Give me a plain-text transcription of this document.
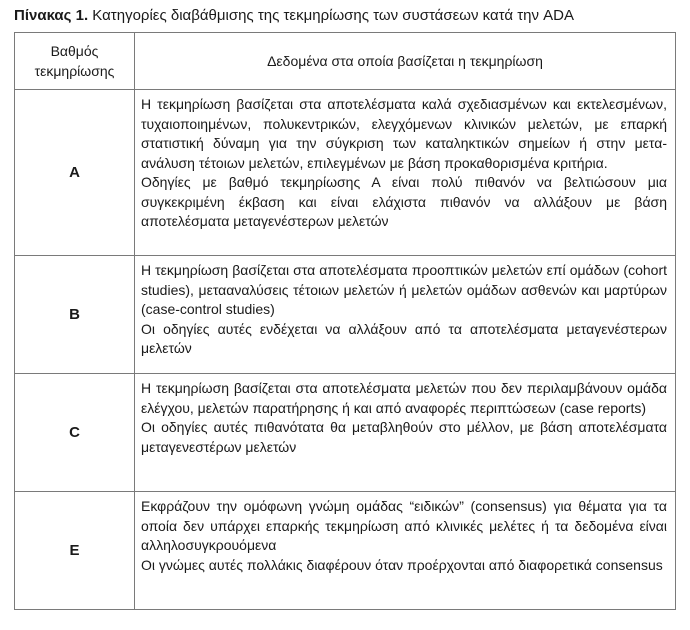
Πίνακας 1. Κατηγορίες διαβάθμισης της τεκμηρίωσης των συστάσεων κατά την ADA
Βαθμός τεκμηρίωσης	Δεδομένα στα οποία βασίζεται η τεκμηρίωση
A	Η τεκμηρίωση βασίζεται στα αποτελέσματα καλά σχεδιασμένων και εκτελεσμένων, τυχαιοποιημένων, πολυκεντρικών, ελεγχόμενων κλινικών μελετών, με επαρκή στατιστική δύναμη για την σύγκριση των καταληκτικών σημείων ή στην μετα-ανάλυση τέτοιων μελετών, επιλεγμένων με βάση προκαθορισμένα κριτήρια.

Οδηγίες με βαθμό τεκμηρίωσης Α είναι πολύ πιθανόν να βελτιώσουν μια συγκεκριμένη έκβαση και είναι ελάχιστα πιθανόν να αλλάξουν με βάση αποτελέσματα μεταγενέστερων μελετών

B	Η τεκμηρίωση βασίζεται στα αποτελέσματα προοπτικών μελετών επί ομάδων (cohort studies), μετααναλύσεις τέτοιων μελετών ή μελετών ομάδων ασθενών και μαρτύρων (case-control studies)

Οι οδηγίες αυτές ενδέχεται να αλλάξουν από τα αποτελέσματα μεταγενέστερων μελετών

C	Η τεκμηρίωση βασίζεται στα αποτελέσματα μελετών που δεν περιλαμβάνουν ομάδα ελέγχου, μελετών παρατήρησης ή και από αναφορές περιπτώσεων (case reports)

Οι οδηγίες αυτές πιθανότατα θα μεταβληθούν στο μέλλον, με βάση αποτελέσματα μεταγενεστέρων μελετών

E	Εκφράζουν την ομόφωνη γνώμη ομάδας “ειδικών” (consensus) για θέματα για τα οποία δεν υπάρχει επαρκής τεκμηρίωση από κλινικές μελέτες ή τα δεδομένα είναι αλληλοσυγκρουόμενα

Οι γνώμες αυτές πολλάκις διαφέρουν όταν προέρχονται από διαφορετικά consensus
